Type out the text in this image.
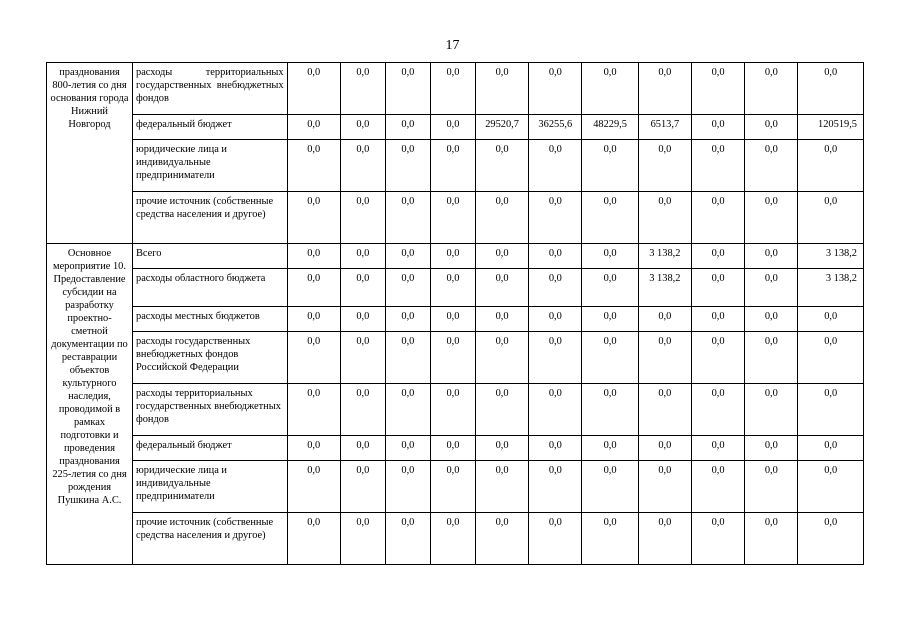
17
празднования 800-летия со дня основания города Нижний Новгород	расходы территориальных государственных внебюджетных фондов	0,0	0,0	0,0	0,0	0,0	0,0	0,0	0,0	0,0	0,0	0,0
	федеральный бюджет	0,0	0,0	0,0	0,0	29520,7	36255,6	48229,5	6513,7	0,0	0,0	120519,5
	юридические лица и индивидуальные предприниматели	0,0	0,0	0,0	0,0	0,0	0,0	0,0	0,0	0,0	0,0	0,0
	прочие источник (собственные средства населения и другое)	0,0	0,0	0,0	0,0	0,0	0,0	0,0	0,0	0,0	0,0	0,0
Основное мероприятие 10. Предоставление субсидии на разработку проектно-сметной документации по реставрации объектов культурного наследия, проводимой в рамках подготовки и проведения празднования 225-летия со дня рождения Пушкина А.С.	Всего	0,0	0,0	0,0	0,0	0,0	0,0	0,0	3 138,2	0,0	0,0	3 138,2
	расходы областного бюджета	0,0	0,0	0,0	0,0	0,0	0,0	0,0	3 138,2	0,0	0,0	3 138,2
	расходы местных бюджетов	0,0	0,0	0,0	0,0	0,0	0,0	0,0	0,0	0,0	0,0	0,0
	расходы государственных внебюджетных фондов Российской Федерации	0,0	0,0	0,0	0,0	0,0	0,0	0,0	0,0	0,0	0,0	0,0
	расходы территориальных государственных внебюджетных фондов	0,0	0,0	0,0	0,0	0,0	0,0	0,0	0,0	0,0	0,0	0,0
	федеральный бюджет	0,0	0,0	0,0	0,0	0,0	0,0	0,0	0,0	0,0	0,0	0,0
	юридические лица и индивидуальные предприниматели	0,0	0,0	0,0	0,0	0,0	0,0	0,0	0,0	0,0	0,0	0,0
	прочие источник (собственные средства населения и другое)	0,0	0,0	0,0	0,0	0,0	0,0	0,0	0,0	0,0	0,0	0,0
